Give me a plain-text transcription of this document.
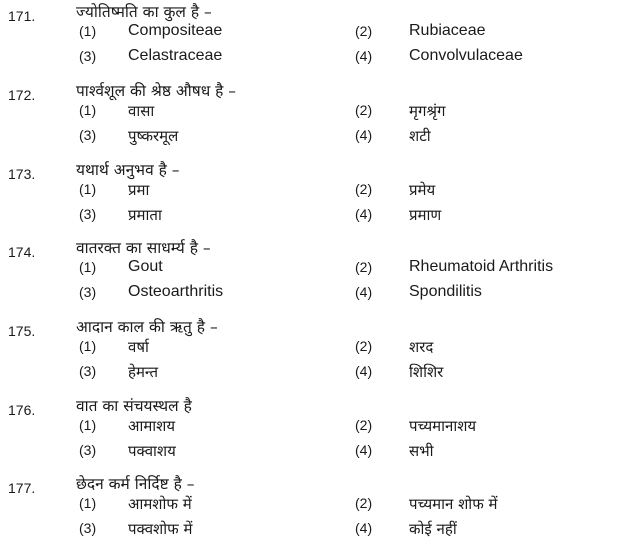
171.	ज्योतिष्मति का कुल है –
(1) Compositeae	(2) Rubiaceae
(3) Celastraceae	(4) Convolvulaceae
172.	पार्श्वशूल की श्रेष्ठ औषध है –
(1) वासा	(2) मृगश्रृंग
(3) पुष्करमूल	(4) शटी
173.	यथार्थ अनुभव है –
(1) प्रमा	(2) प्रमेय
(3) प्रमाता	(4) प्रमाण
174.	वातरक्त का साधर्म्य है –
(1) Gout	(2) Rheumatoid Arthritis
(3) Osteoarthritis	(4) Spondilitis
175.	आदान काल की ऋतु है –
(1) वर्षा	(2) शरद
(3) हेमन्त	(4) शिशिर
176.	वात का संचयस्थल है
(1) आमाशय	(2) पच्यमानाशय
(3) पक्वाशय	(4) सभी
177.	छेदन कर्म निर्दिष्ट है –
(1) आमशोफ में	(2) पच्यमान शोफ में
(3) पक्वशोफ में	(4) कोई नहीं
